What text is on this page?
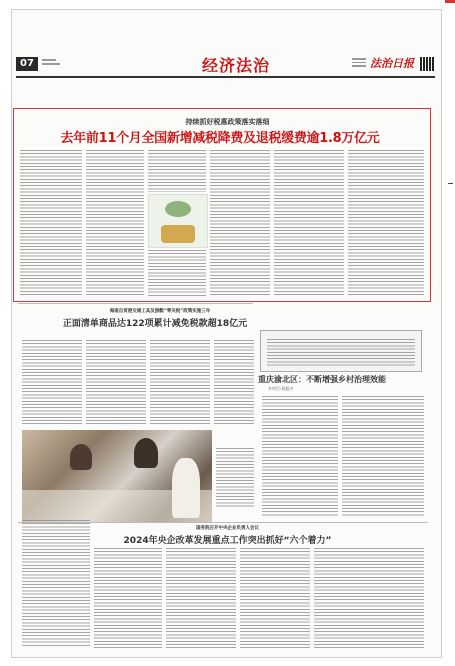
07	经济法治	法治日报
持续抓好税惠政策落实落细
去年前11个月全国新增减税降费及退税缓费逾1.8万亿元
海南自贸港交通工具及游艇“零关税”政策实施三年
正面清单商品达122项累计减免税款超18亿元
重庆渝北区：不断增强乡村治理效能
乡村行·看振兴
国务院召开中央企业负责人会议
2024年央企改革发展重点工作突出抓好“六个着力”
